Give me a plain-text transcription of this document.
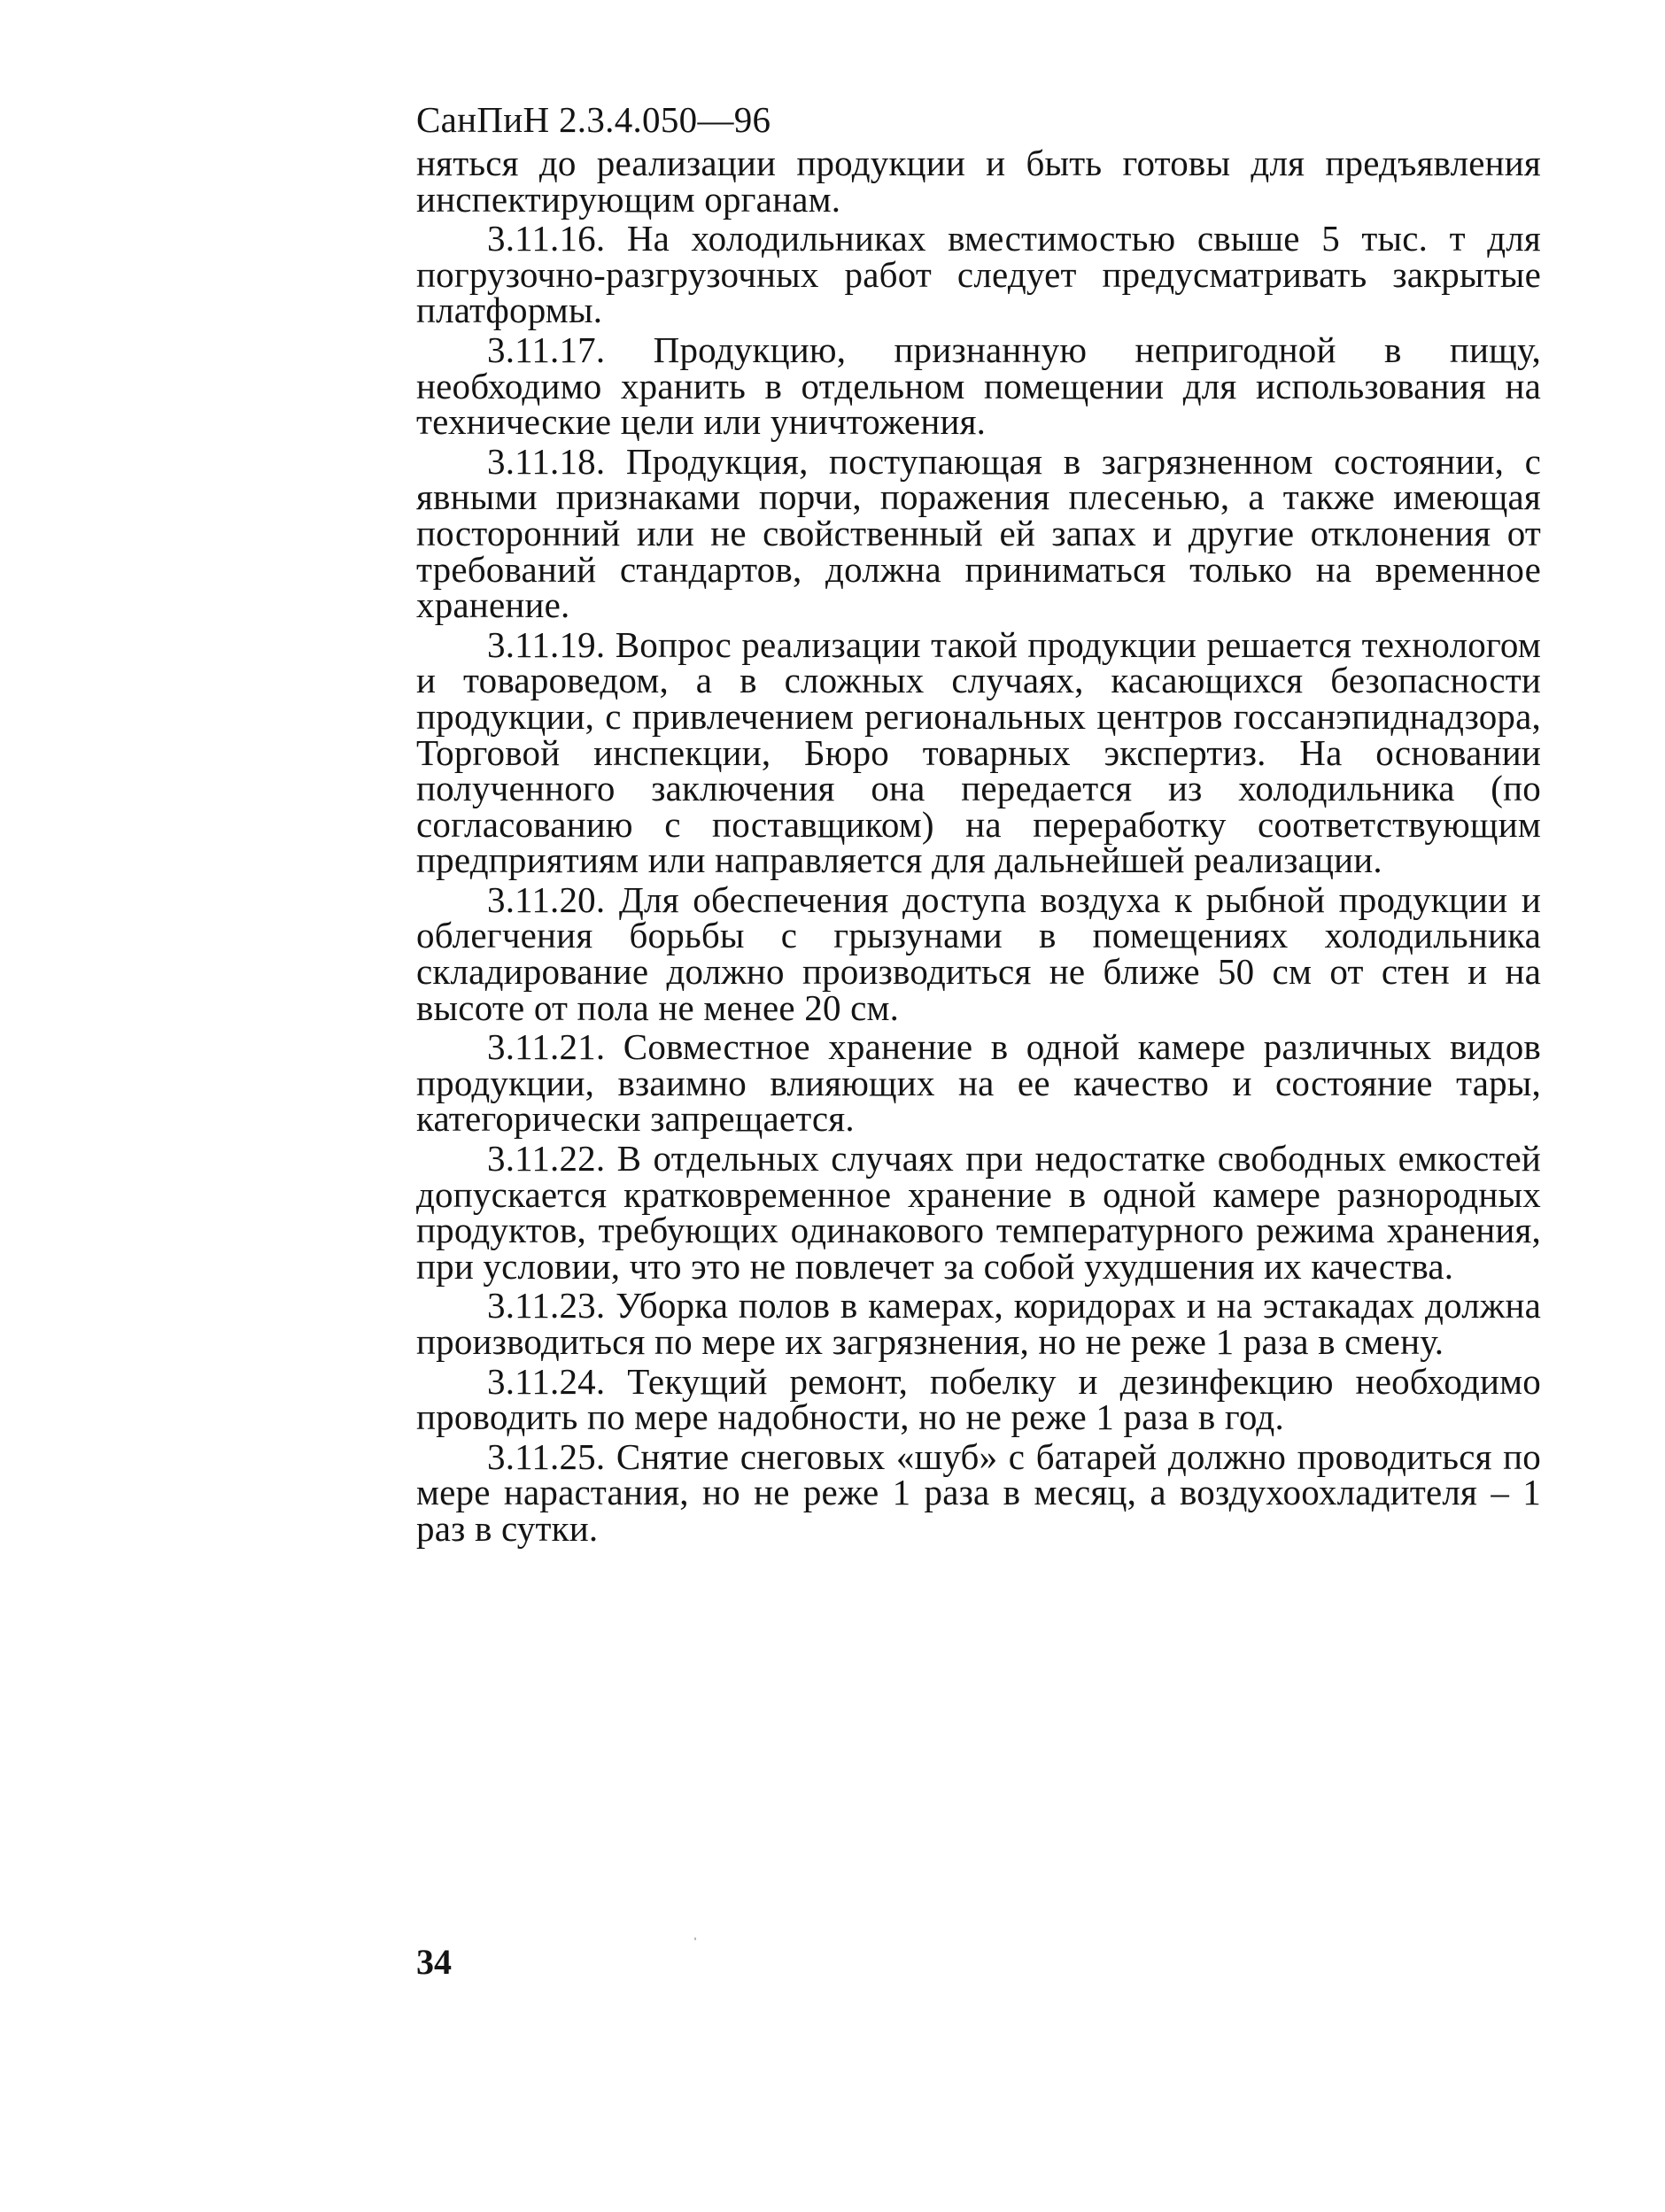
СанПиН 2.3.4.050—96

няться до реализации продукции и быть готовы для предъявления инспектирующим органам.

3.11.16. На холодильниках вместимостью свыше 5 тыс. т для погрузочно-разгрузочных работ следует предусматривать закрытые платформы.

3.11.17. Продукцию, признанную непригодной в пищу, необходимо хранить в отдельном помещении для использования на технические цели или уничтожения.

3.11.18. Продукция, поступающая в загрязненном состоянии, с явными признаками порчи, поражения плесенью, а также имеющая посторонний или не свойственный ей запах и другие отклонения от требований стандартов, должна приниматься только на временное хранение.

3.11.19. Вопрос реализации такой продукции решается технологом и товароведом, а в сложных случаях, касающихся безопасности продукции, с привлечением региональных центров госсанэпиднадзора, Торговой инспекции, Бюро товарных экспертиз. На основании полученного заключения она передается из холодильника (по согласованию с поставщиком) на переработку соответствующим предприятиям или направляется для дальнейшей реализации.

3.11.20. Для обеспечения доступа воздуха к рыбной продукции и облегчения борьбы с грызунами в помещениях холодильника складирование должно производиться не ближе 50 см от стен и на высоте от пола не менее 20 см.

3.11.21. Совместное хранение в одной камере различных видов продукции, взаимно влияющих на ее качество и состояние тары, категорически запрещается.

3.11.22. В отдельных случаях при недостатке свободных емкостей допускается кратковременное хранение в одной камере разнородных продуктов, требующих одинакового температурного режима хранения, при условии, что это не повлечет за собой ухудшения их качества.

3.11.23. Уборка полов в камерах, коридорах и на эстакадах должна производиться по мере их загрязнения, но не реже 1 раза в смену.

3.11.24. Текущий ремонт, побелку и дезинфекцию необходимо проводить по мере надобности, но не реже 1 раза в год.

3.11.25. Снятие снеговых «шуб» с батарей должно проводиться по мере нарастания, но не реже 1 раза в месяц, а воздухоохладителя – 1 раз в сутки.

34
